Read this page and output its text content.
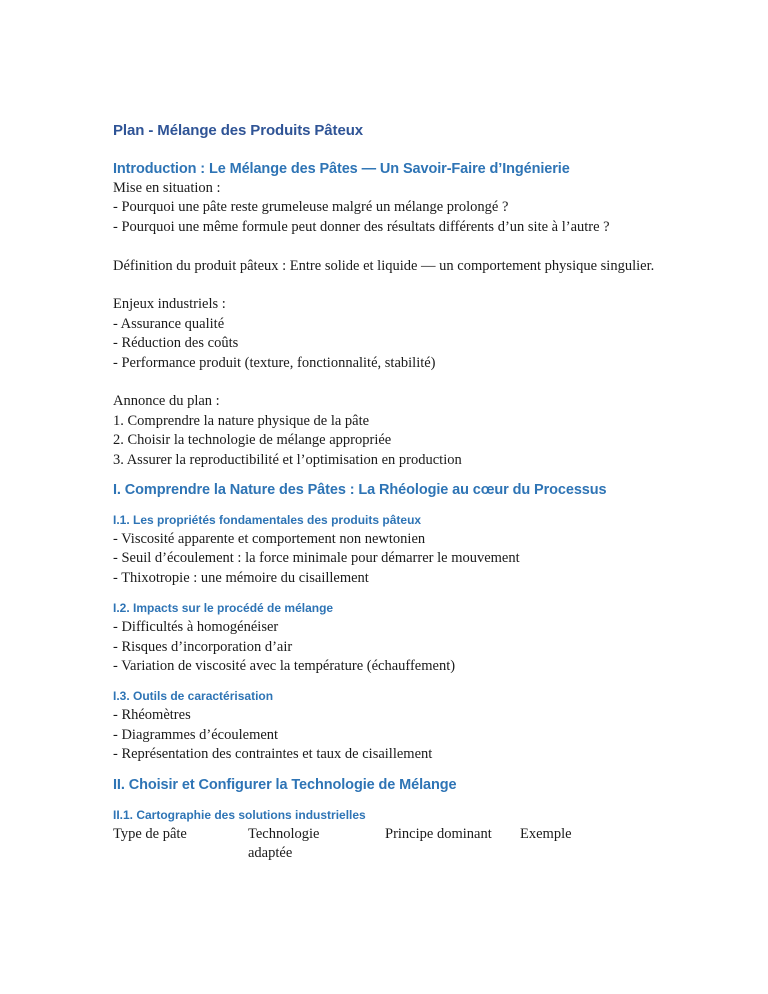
Plan - Mélange des Produits Pâteux
Introduction : Le Mélange des Pâtes — Un Savoir-Faire d’Ingénierie
Mise en situation :
- Pourquoi une pâte reste grumeleuse malgré un mélange prolongé ?
- Pourquoi une même formule peut donner des résultats différents d’un site à l’autre ?
Définition du produit pâteux : Entre solide et liquide — un comportement physique singulier.
Enjeux industriels :
- Assurance qualité
- Réduction des coûts
- Performance produit (texture, fonctionnalité, stabilité)
Annonce du plan :
1. Comprendre la nature physique de la pâte
2. Choisir la technologie de mélange appropriée
3. Assurer la reproductibilité et l’optimisation en production
I. Comprendre la Nature des Pâtes : La Rhéologie au cœur du Processus
I.1. Les propriétés fondamentales des produits pâteux
- Viscosité apparente et comportement non newtonien
- Seuil d’écoulement : la force minimale pour démarrer le mouvement
- Thixotropie : une mémoire du cisaillement
I.2. Impacts sur le procédé de mélange
- Difficultés à homogénéiser
- Risques d’incorporation d’air
- Variation de viscosité avec la température (échauffement)
I.3. Outils de caractérisation
- Rhéomètres
- Diagrammes d’écoulement
- Représentation des contraintes et taux de cisaillement
II. Choisir et Configurer la Technologie de Mélange
II.1. Cartographie des solutions industrielles
Type de pâte	Technologie adaptée
Principe dominant	Exemple
